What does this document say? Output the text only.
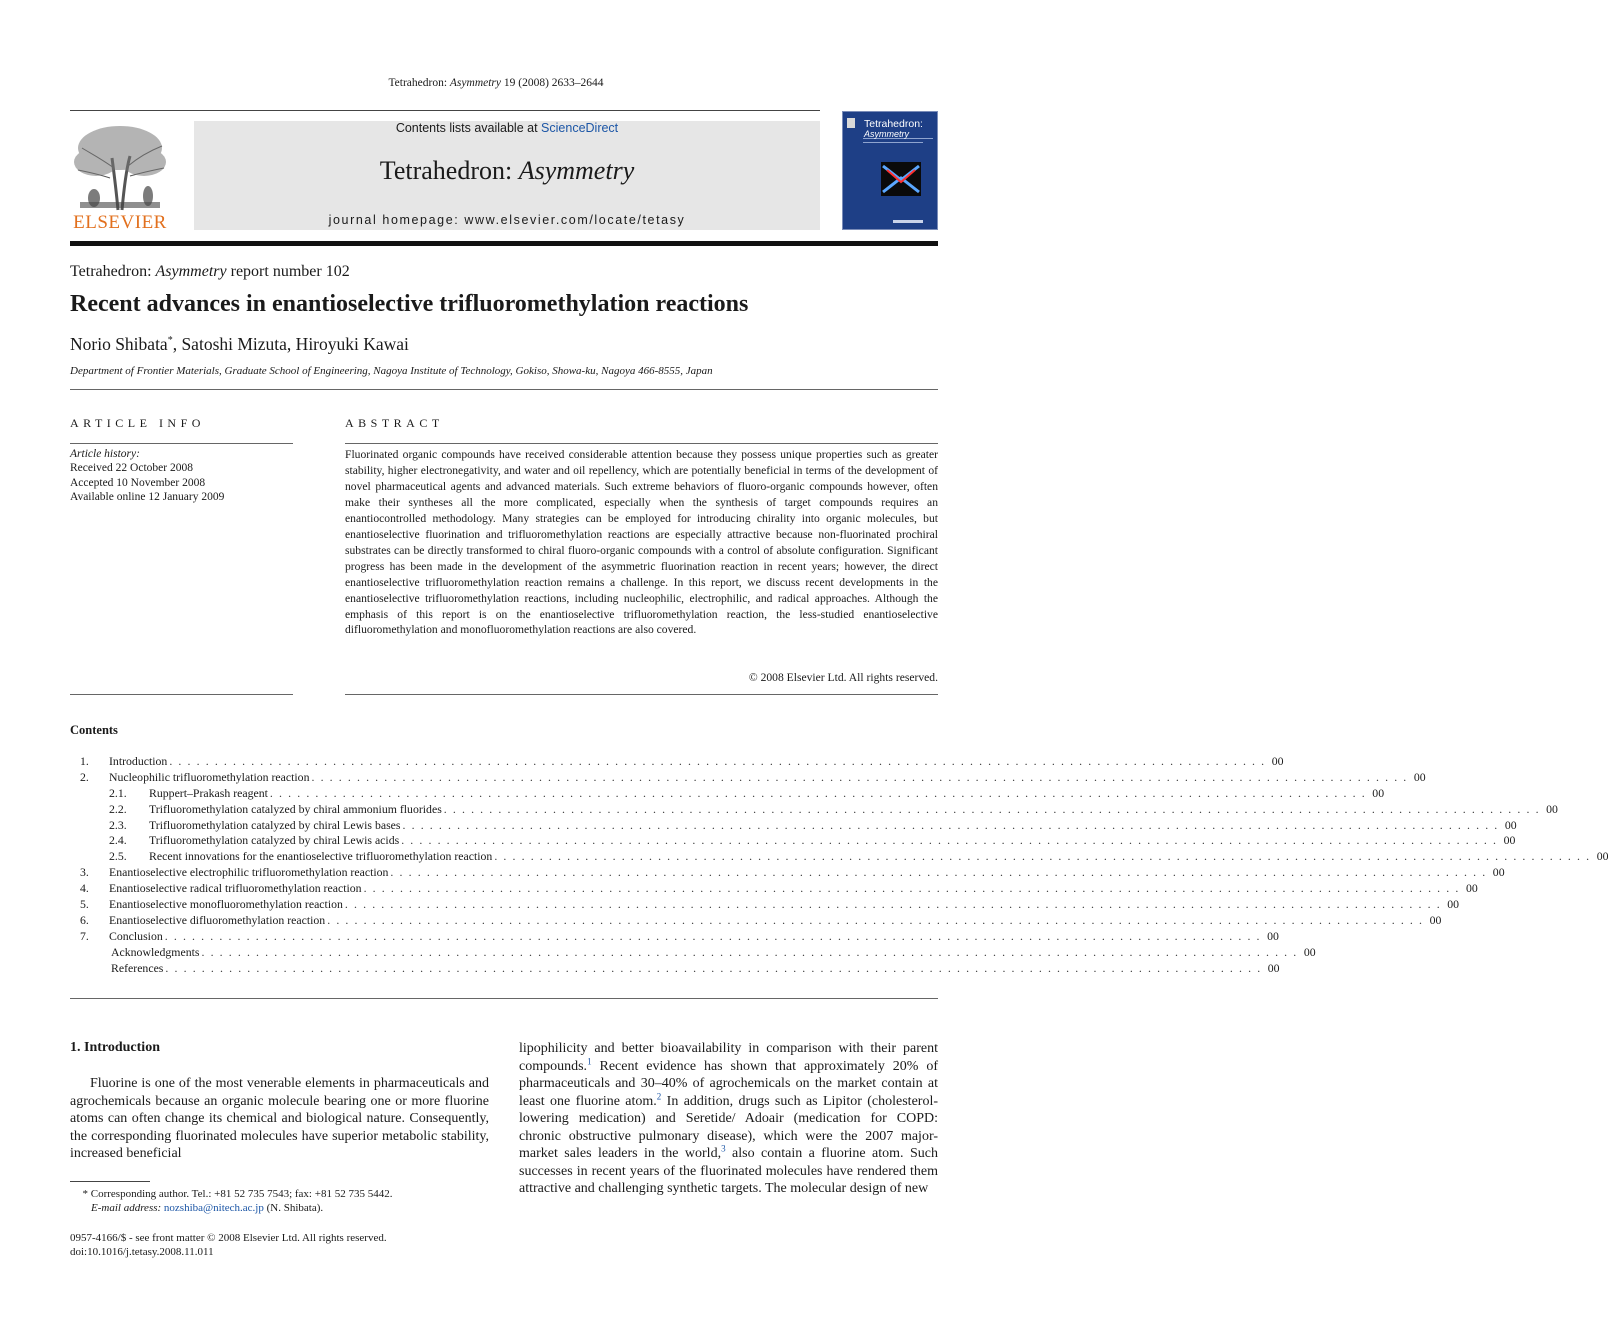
Tetrahedron: Asymmetry 19 (2008) 2633–2644
ELSEVIER
Contents lists available at ScienceDirect
Tetrahedron: Asymmetry
journal homepage: www.elsevier.com/locate/tetasy
Tetrahedron:
Asymmetry
Tetrahedron: Asymmetry report number 102
Recent advances in enantioselective trifluoromethylation reactions
Norio Shibata*, Satoshi Mizuta, Hiroyuki Kawai
Department of Frontier Materials, Graduate School of Engineering, Nagoya Institute of Technology, Gokiso, Showa-ku, Nagoya 466-8555, Japan
ARTICLE INFO
Article history:
Received 22 October 2008
Accepted 10 November 2008
Available online 12 January 2009
ABSTRACT
Fluorinated organic compounds have received considerable attention because they possess unique properties such as greater stability, higher electronegativity, and water and oil repellency, which are potentially beneficial in terms of the development of novel pharmaceutical agents and advanced materials. Such extreme behaviors of fluoro-organic compounds however, often make their syntheses all the more complicated, especially when the synthesis of target compounds requires an enantiocontrolled methodology. Many strategies can be employed for introducing chirality into organic molecules, but enantioselective fluorination and trifluoromethylation reactions are especially attractive because non-fluorinated prochiral substrates can be directly transformed to chiral fluoro-organic compounds with a control of absolute configuration. Significant progress has been made in the development of the asymmetric fluorination reaction in recent years; however, the direct enantioselective trifluoromethylation reaction remains a challenge. In this report, we discuss recent developments in the enantioselective trifluoromethylation reactions, including nucleophilic, electrophilic, and radical approaches. Although the emphasis of this report is on the enantioselective trifluoromethylation reaction, the less-studied enantioselective difluoromethylation and monofluoromethylation reactions are also covered.
© 2008 Elsevier Ltd. All rights reserved.
Contents
1.	Introduction . . . . . . . . . . . . . . . . . . . . . . . . . . . . . . . . . . . . . . . . . . . . . . . . . . . . . . . . . . . . . . . . . . . . . . . . . . . . . . . . . . . . . . . . . . . . . . . . . . . . . . . . . . . . . . . . . . . . . . . . . 00
2.	Nucleophilic trifluoromethylation reaction . . . . . . . . . . . . . . . . . . . . . . . . . . . . . . . . . . . . . . . . . . . . . . . . . . . . . . . . . . . . . . . . . . . . . . . . . . . . . . . . . . . . . . . . . . . . . . . . . . . . . . . . . . . . . . . . . . . . . . . . . 00
2.1.	Ruppert–Prakash reagent . . . . . . . . . . . . . . . . . . . . . . . . . . . . . . . . . . . . . . . . . . . . . . . . . . . . . . . . . . . . . . . . . . . . . . . . . . . . . . . . . . . . . . . . . . . . . . . . . . . . . . . . . . . . . . . . . . . . . . . . . 00
2.2.	Trifluoromethylation catalyzed by chiral ammonium fluorides . . . . . . . . . . . . . . . . . . . . . . . . . . . . . . . . . . . . . . . . . . . . . . . . . . . . . . . . . . . . . . . . . . . . . . . . . . . . . . . . . . . . . . . . . . . . . . . . . . . . . . . . . . . . . . . . . . . . . . . . . 00
2.3.	Trifluoromethylation catalyzed by chiral Lewis bases . . . . . . . . . . . . . . . . . . . . . . . . . . . . . . . . . . . . . . . . . . . . . . . . . . . . . . . . . . . . . . . . . . . . . . . . . . . . . . . . . . . . . . . . . . . . . . . . . . . . . . . . . . . . . . . . . . . . . . . . . 00
2.4.	Trifluoromethylation catalyzed by chiral Lewis acids . . . . . . . . . . . . . . . . . . . . . . . . . . . . . . . . . . . . . . . . . . . . . . . . . . . . . . . . . . . . . . . . . . . . . . . . . . . . . . . . . . . . . . . . . . . . . . . . . . . . . . . . . . . . . . . . . . . . . . . . . 00
2.5.	Recent innovations for the enantioselective trifluoromethylation reaction . . . . . . . . . . . . . . . . . . . . . . . . . . . . . . . . . . . . . . . . . . . . . . . . . . . . . . . . . . . . . . . . . . . . . . . . . . . . . . . . . . . . . . . . . . . . . . . . . . . . . . . . . . . . . . . . . . . . . . . . . 00
3.	Enantioselective electrophilic trifluoromethylation reaction . . . . . . . . . . . . . . . . . . . . . . . . . . . . . . . . . . . . . . . . . . . . . . . . . . . . . . . . . . . . . . . . . . . . . . . . . . . . . . . . . . . . . . . . . . . . . . . . . . . . . . . . . . . . . . . . . . . . . . . . . 00
4.	Enantioselective radical trifluoromethylation reaction . . . . . . . . . . . . . . . . . . . . . . . . . . . . . . . . . . . . . . . . . . . . . . . . . . . . . . . . . . . . . . . . . . . . . . . . . . . . . . . . . . . . . . . . . . . . . . . . . . . . . . . . . . . . . . . . . . . . . . . . . 00
5.	Enantioselective monofluoromethylation reaction . . . . . . . . . . . . . . . . . . . . . . . . . . . . . . . . . . . . . . . . . . . . . . . . . . . . . . . . . . . . . . . . . . . . . . . . . . . . . . . . . . . . . . . . . . . . . . . . . . . . . . . . . . . . . . . . . . . . . . . . . 00
6.	Enantioselective difluoromethylation reaction . . . . . . . . . . . . . . . . . . . . . . . . . . . . . . . . . . . . . . . . . . . . . . . . . . . . . . . . . . . . . . . . . . . . . . . . . . . . . . . . . . . . . . . . . . . . . . . . . . . . . . . . . . . . . . . . . . . . . . . . . 00
7.	Conclusion . . . . . . . . . . . . . . . . . . . . . . . . . . . . . . . . . . . . . . . . . . . . . . . . . . . . . . . . . . . . . . . . . . . . . . . . . . . . . . . . . . . . . . . . . . . . . . . . . . . . . . . . . . . . . . . . . . . . . . . . . 00
Acknowledgments . . . . . . . . . . . . . . . . . . . . . . . . . . . . . . . . . . . . . . . . . . . . . . . . . . . . . . . . . . . . . . . . . . . . . . . . . . . . . . . . . . . . . . . . . . . . . . . . . . . . . . . . . . . . . . . . . . . . . . . . . 00
References . . . . . . . . . . . . . . . . . . . . . . . . . . . . . . . . . . . . . . . . . . . . . . . . . . . . . . . . . . . . . . . . . . . . . . . . . . . . . . . . . . . . . . . . . . . . . . . . . . . . . . . . . . . . . . . . . . . . . . . . . 00
1. Introduction
Fluorine is one of the most venerable elements in pharmaceuticals and agrochemicals because an organic molecule bearing one or more fluorine atoms can often change its chemical and biological nature. Consequently, the corresponding fluorinated molecules have superior metabolic stability, increased beneficial
lipophilicity and better bioavailability in comparison with their parent compounds.$^1$ Recent evidence has shown that approximately 20% of pharmaceuticals and 30–40% of agrochemicals on the market contain at least one fluorine atom.$^2$ In addition, drugs such as Lipitor (cholesterol-lowering medication) and Seretide/ Adoair (medication for COPD: chronic obstructive pulmonary disease), which were the 2007 major-market sales leaders in the world,$^3$ also contain a fluorine atom. Such successes in recent years of the fluorinated molecules have rendered them attractive and challenging synthetic targets. The molecular design of new
* Corresponding author. Tel.: +81 52 735 7543; fax: +81 52 735 5442.
E-mail address: nozshiba@nitech.ac.jp (N. Shibata).
0957-4166/$ - see front matter © 2008 Elsevier Ltd. All rights reserved.
doi:10.1016/j.tetasy.2008.11.011
